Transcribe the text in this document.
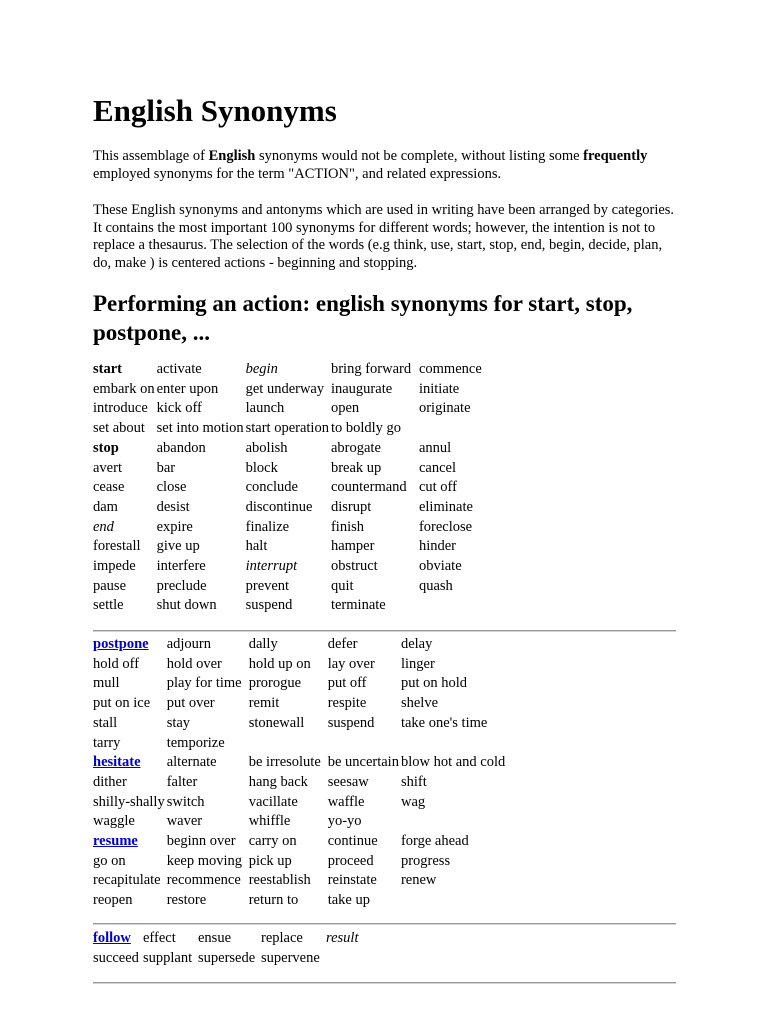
English Synonyms

This assemblage of English synonyms would not be complete, without listing some frequently employed synonyms for the term "ACTION", and related expressions.

These English synonyms and antonyms which are used in writing have been arranged by categories. It contains the most important 100 synonyms for different words; however, the intention is not to replace a thesaurus. The selection of the words (e.g think, use, start, stop, end, begin, decide, plan, do, make ) is centered actions - beginning and stopping.

Performing an action: english synonyms for start, stop, postpone, ...
start	activate	begin	bring forward	commence
embark on	enter upon	get underway	inaugurate	initiate
introduce	kick off	launch	open	originate
set about	set into motion	start operation	to boldly go	
stop	abandon	abolish	abrogate	annul
avert	bar	block	break up	cancel
cease	close	conclude	countermand	cut off
dam	desist	discontinue	disrupt	eliminate
end	expire	finalize	finish	foreclose
forestall	give up	halt	hamper	hinder
impede	interfere	interrupt	obstruct	obviate
pause	preclude	prevent	quit	quash
settle	shut down	suspend	terminate	
postpone	adjourn	dally	defer	delay
hold off	hold over	hold up on	lay over	linger
mull	play for time	prorogue	put off	put on hold
put on ice	put over	remit	respite	shelve
stall	stay	stonewall	suspend	take one's time
tarry	temporize			
hesitate	alternate	be irresolute	be uncertain	blow hot and cold
dither	falter	hang back	seesaw	shift
shilly-shally	switch	vacillate	waffle	wag
waggle	waver	whiffle	yo-yo	
resume	beginn over	carry on	continue	forge ahead
go on	keep moving	pick up	proceed	progress
recapitulate	recommence	reestablish	reinstate	renew
reopen	restore	return to	take up	
follow	effect	ensue	replace	result
succeed	supplant	supersede	supervene	
